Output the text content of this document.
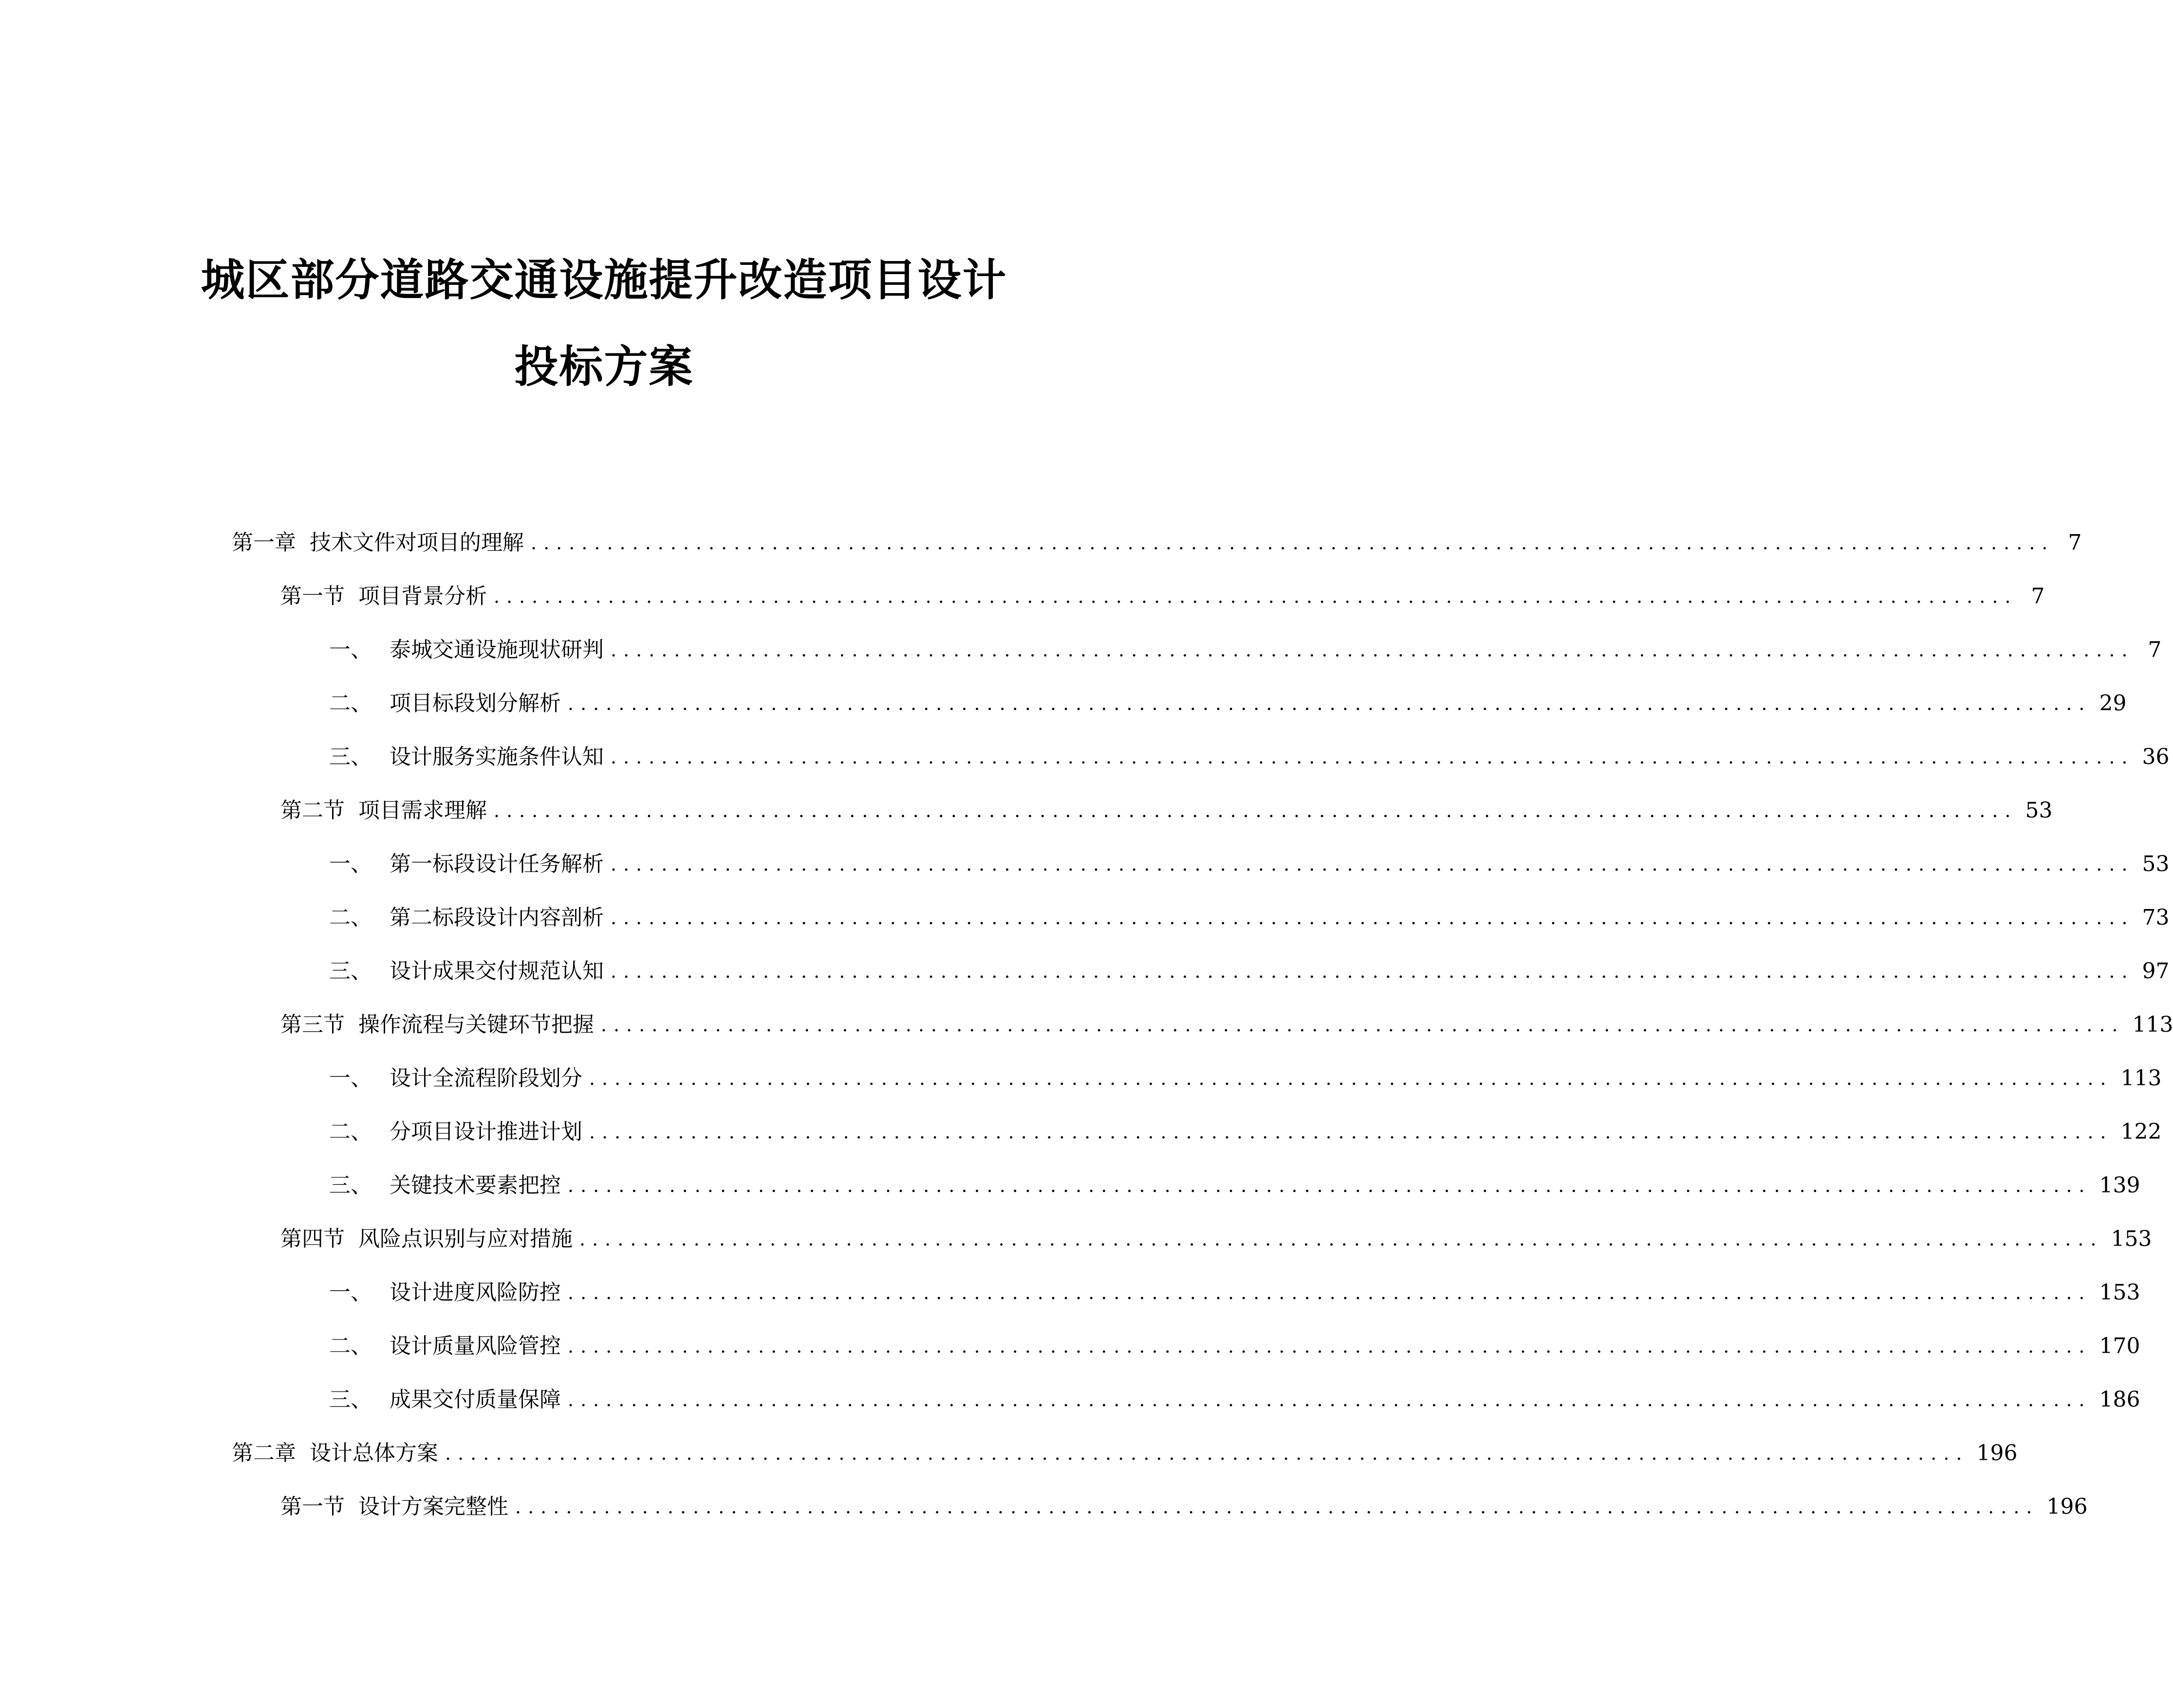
城区部分道路交通设施提升改造项目设计
投标方案
第一章 技术文件对项目的理解 ........................................................................................................................ 7
第一节 项目背景分析 ........................................................................................................................ 7
一、 泰城交通设施现状研判 ........................................................................................................................ 7
二、 项目标段划分解析 ........................................................................................................................ 29
三、 设计服务实施条件认知 ........................................................................................................................ 36
第二节 项目需求理解 ........................................................................................................................ 53
一、 第一标段设计任务解析 ........................................................................................................................ 53
二、 第二标段设计内容剖析 ........................................................................................................................ 73
三、 设计成果交付规范认知 ........................................................................................................................ 97
第三节 操作流程与关键环节把握 ........................................................................................................................ 113
一、 设计全流程阶段划分 ........................................................................................................................ 113
二、 分项目设计推进计划 ........................................................................................................................ 122
三、 关键技术要素把控 ........................................................................................................................ 139
第四节 风险点识别与应对措施 ........................................................................................................................ 153
一、 设计进度风险防控 ........................................................................................................................ 153
二、 设计质量风险管控 ........................................................................................................................ 170
三、 成果交付质量保障 ........................................................................................................................ 186
第二章 设计总体方案 ........................................................................................................................ 196
第一节 设计方案完整性 ........................................................................................................................ 196
